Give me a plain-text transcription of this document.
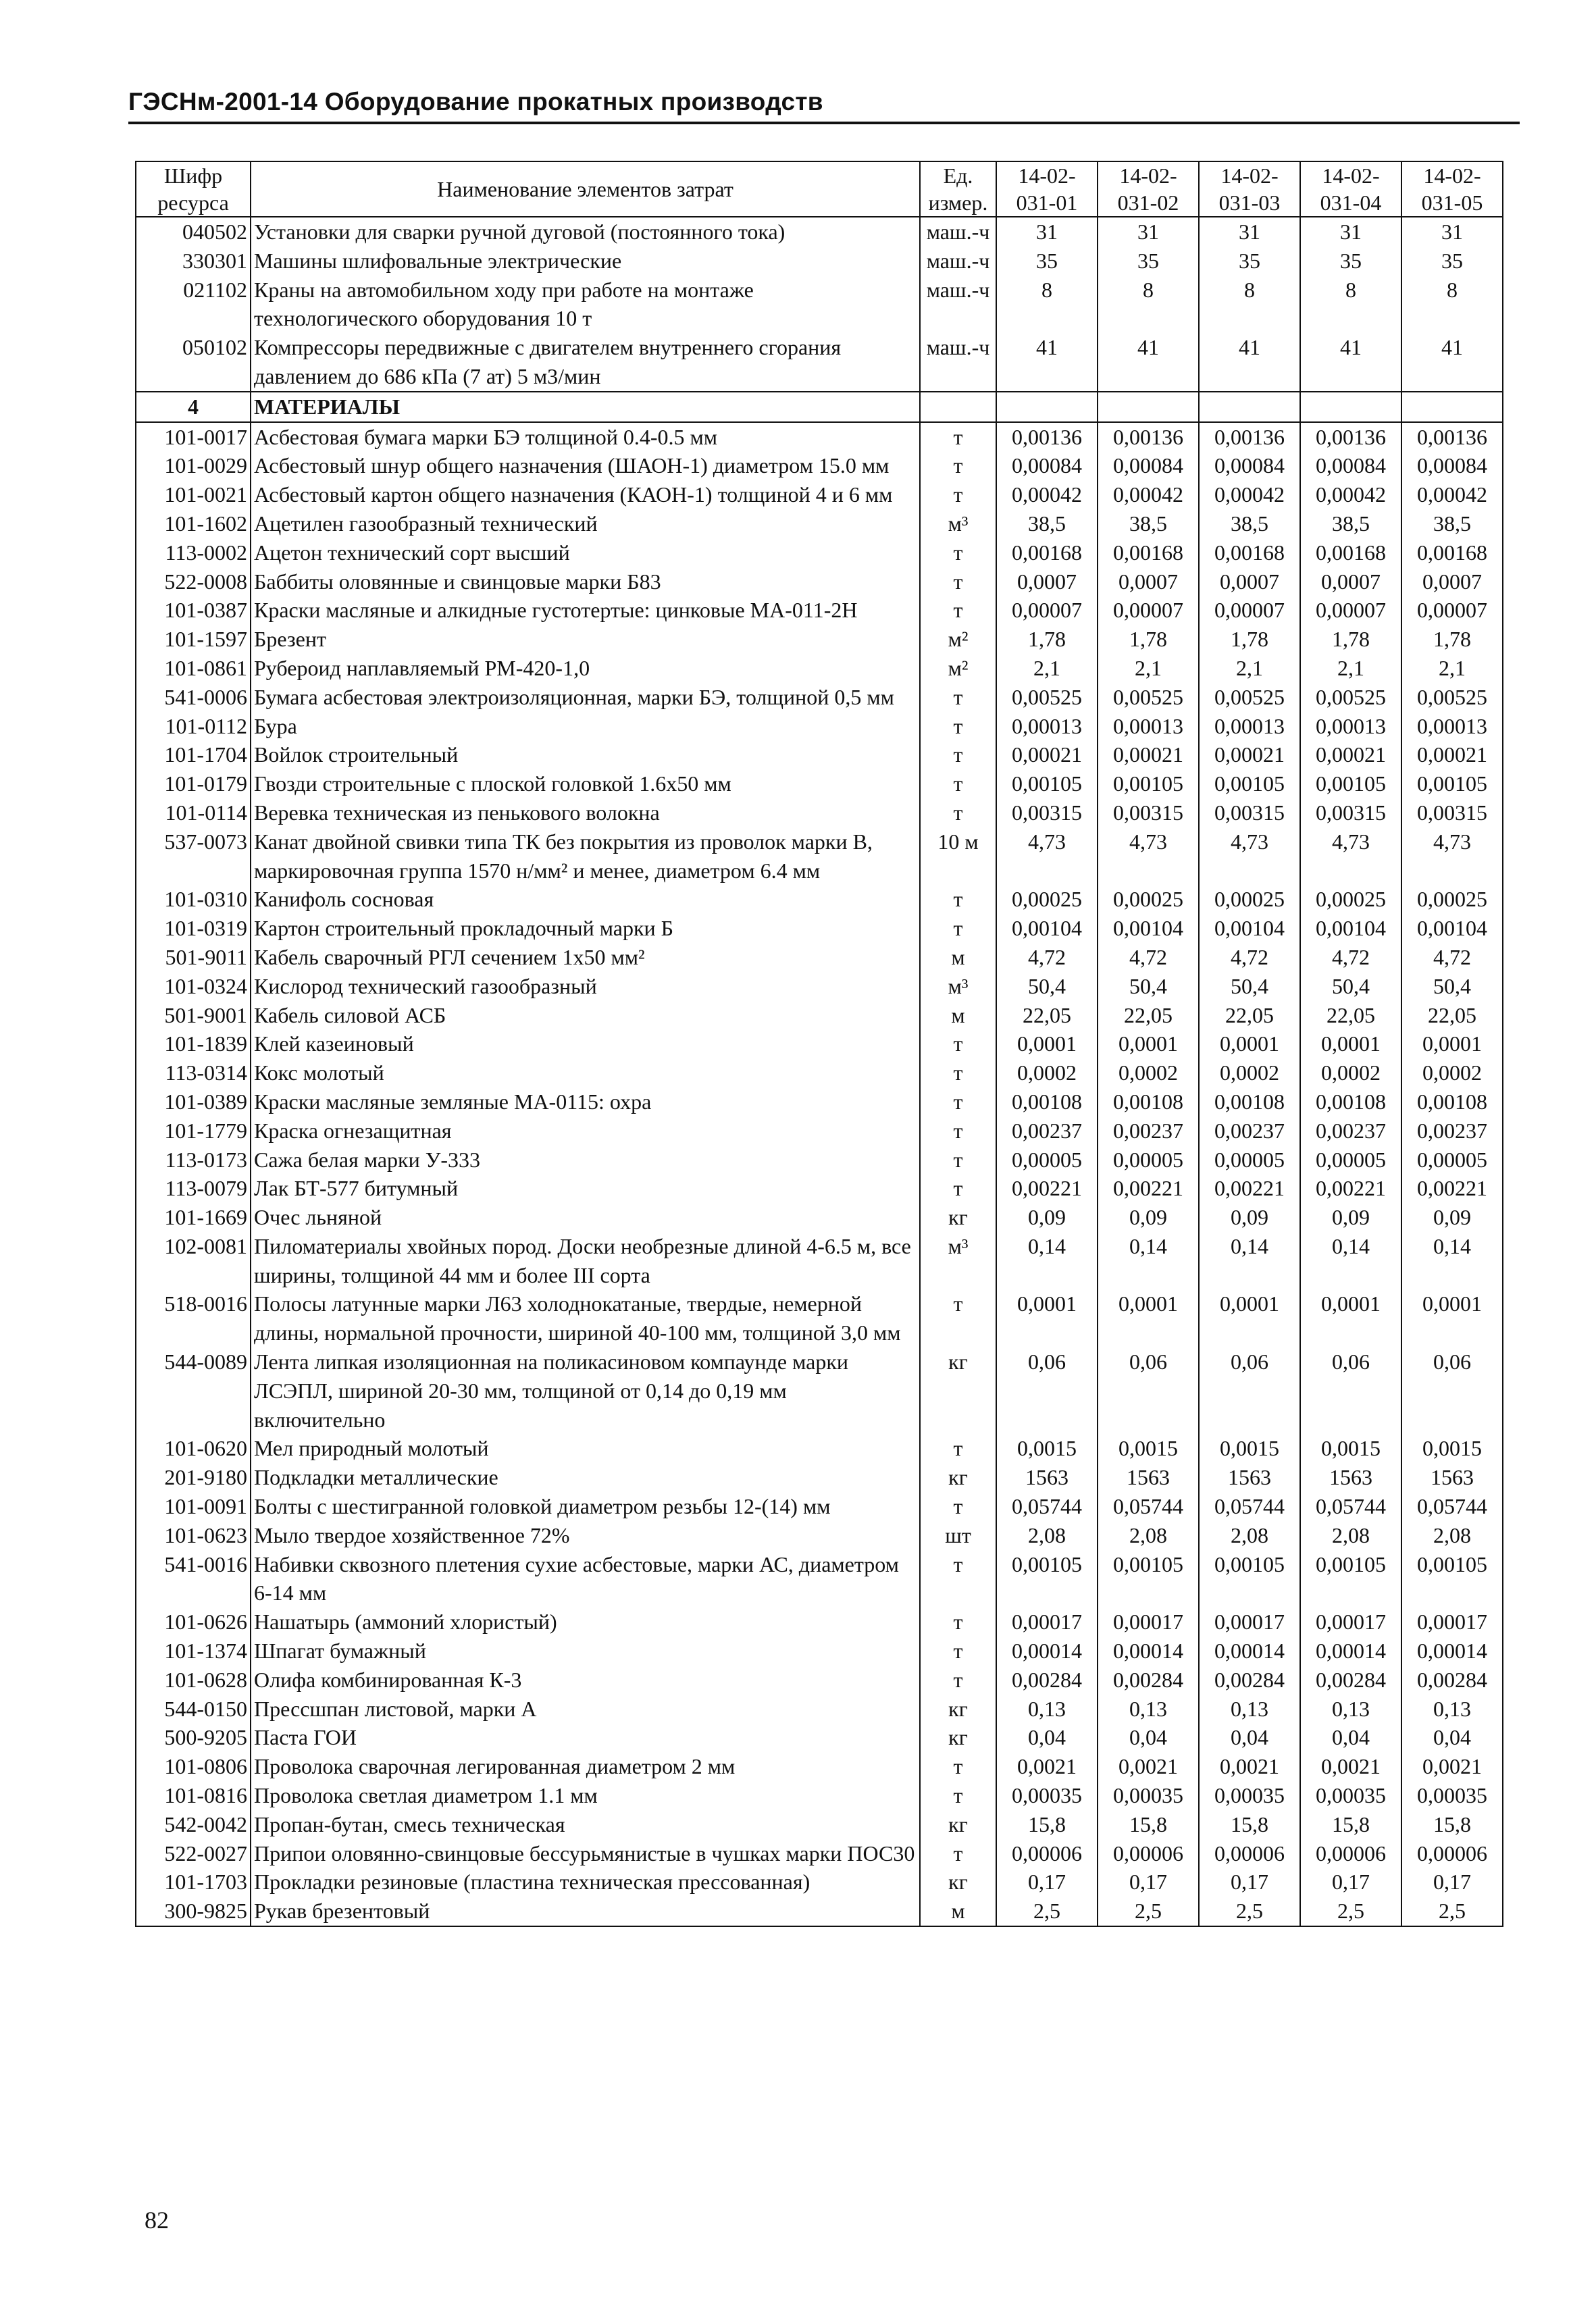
ГЭСНм-2001-14 Оборудование прокатных производств
Шифр ресурса	Наименование элементов затрат	Ед. измер.	14-02- 031-01	14-02- 031-02	14-02- 031-03	14-02- 031-04	14-02- 031-05
040502	Установки для сварки ручной дуговой (постоянного тока)	маш.-ч	31	31	31	31	31
330301	Машины шлифовальные электрические	маш.-ч	35	35	35	35	35
021102	Краны на автомобильном ходу при работе на монтаже технологического оборудования 10 т	маш.-ч	8	8	8	8	8
050102	Компрессоры передвижные с двигателем внутреннего сгорания давлением до 686 кПа (7 ат) 5 м3/мин	маш.-ч	41	41	41	41	41
4	МАТЕРИАЛЫ						
101-0017	Асбестовая бумага марки БЭ толщиной 0.4-0.5 мм	т	0,00136	0,00136	0,00136	0,00136	0,00136
101-0029	Асбестовый шнур общего назначения (ШАОН-1) диаметром 15.0 мм	т	0,00084	0,00084	0,00084	0,00084	0,00084
101-0021	Асбестовый картон общего назначения (КАОН-1) толщиной 4 и 6 мм	т	0,00042	0,00042	0,00042	0,00042	0,00042
101-1602	Ацетилен газообразный технический	м³	38,5	38,5	38,5	38,5	38,5
113-0002	Ацетон технический сорт высший	т	0,00168	0,00168	0,00168	0,00168	0,00168
522-0008	Баббиты оловянные и свинцовые марки Б83	т	0,0007	0,0007	0,0007	0,0007	0,0007
101-0387	Краски масляные и алкидные густотертые: цинковые МА-011-2Н	т	0,00007	0,00007	0,00007	0,00007	0,00007
101-1597	Брезент	м²	1,78	1,78	1,78	1,78	1,78
101-0861	Рубероид наплавляемый РМ-420-1,0	м²	2,1	2,1	2,1	2,1	2,1
541-0006	Бумага асбестовая электроизоляционная, марки БЭ, толщиной 0,5 мм	т	0,00525	0,00525	0,00525	0,00525	0,00525
101-0112	Бура	т	0,00013	0,00013	0,00013	0,00013	0,00013
101-1704	Войлок строительный	т	0,00021	0,00021	0,00021	0,00021	0,00021
101-0179	Гвозди строительные с плоской головкой 1.6х50 мм	т	0,00105	0,00105	0,00105	0,00105	0,00105
101-0114	Веревка техническая из пенькового волокна	т	0,00315	0,00315	0,00315	0,00315	0,00315
537-0073	Канат двойной свивки типа ТК без покрытия из проволок марки В, маркировочная группа 1570 н/мм² и менее, диаметром 6.4 мм	10 м	4,73	4,73	4,73	4,73	4,73
101-0310	Канифоль сосновая	т	0,00025	0,00025	0,00025	0,00025	0,00025
101-0319	Картон строительный прокладочный марки Б	т	0,00104	0,00104	0,00104	0,00104	0,00104
501-9011	Кабель сварочный РГЛ сечением 1х50 мм²	м	4,72	4,72	4,72	4,72	4,72
101-0324	Кислород технический газообразный	м³	50,4	50,4	50,4	50,4	50,4
501-9001	Кабель силовой АСБ	м	22,05	22,05	22,05	22,05	22,05
101-1839	Клей казеиновый	т	0,0001	0,0001	0,0001	0,0001	0,0001
113-0314	Кокс молотый	т	0,0002	0,0002	0,0002	0,0002	0,0002
101-0389	Краски масляные земляные МА-0115: охра	т	0,00108	0,00108	0,00108	0,00108	0,00108
101-1779	Краска огнезащитная	т	0,00237	0,00237	0,00237	0,00237	0,00237
113-0173	Сажа белая марки У-333	т	0,00005	0,00005	0,00005	0,00005	0,00005
113-0079	Лак БТ-577 битумный	т	0,00221	0,00221	0,00221	0,00221	0,00221
101-1669	Очес льняной	кг	0,09	0,09	0,09	0,09	0,09
102-0081	Пиломатериалы хвойных пород. Доски необрезные длиной 4-6.5 м, все ширины, толщиной 44 мм и более III сорта	м³	0,14	0,14	0,14	0,14	0,14
518-0016	Полосы латунные марки Л63 холоднокатаные, твердые, немерной длины, нормальной прочности, шириной 40-100 мм, толщиной 3,0 мм	т	0,0001	0,0001	0,0001	0,0001	0,0001
544-0089	Лента липкая изоляционная на поликасиновом компаунде марки ЛСЭПЛ, шириной 20-30 мм, толщиной от 0,14 до 0,19 мм включительно	кг	0,06	0,06	0,06	0,06	0,06
101-0620	Мел природный молотый	т	0,0015	0,0015	0,0015	0,0015	0,0015
201-9180	Подкладки металлические	кг	1563	1563	1563	1563	1563
101-0091	Болты с шестигранной головкой диаметром резьбы 12-(14) мм	т	0,05744	0,05744	0,05744	0,05744	0,05744
101-0623	Мыло твердое хозяйственное 72%	шт	2,08	2,08	2,08	2,08	2,08
541-0016	Набивки сквозного плетения сухие асбестовые, марки АС, диаметром 6-14 мм	т	0,00105	0,00105	0,00105	0,00105	0,00105
101-0626	Нашатырь (аммоний хлористый)	т	0,00017	0,00017	0,00017	0,00017	0,00017
101-1374	Шпагат бумажный	т	0,00014	0,00014	0,00014	0,00014	0,00014
101-0628	Олифа комбинированная К-3	т	0,00284	0,00284	0,00284	0,00284	0,00284
544-0150	Прессшпан листовой, марки А	кг	0,13	0,13	0,13	0,13	0,13
500-9205	Паста ГОИ	кг	0,04	0,04	0,04	0,04	0,04
101-0806	Проволока сварочная легированная диаметром 2 мм	т	0,0021	0,0021	0,0021	0,0021	0,0021
101-0816	Проволока светлая диаметром 1.1 мм	т	0,00035	0,00035	0,00035	0,00035	0,00035
542-0042	Пропан-бутан, смесь техническая	кг	15,8	15,8	15,8	15,8	15,8
522-0027	Припои оловянно-свинцовые бессурьмянистые в чушках марки ПОС30	т	0,00006	0,00006	0,00006	0,00006	0,00006
101-1703	Прокладки резиновые (пластина техническая прессованная)	кг	0,17	0,17	0,17	0,17	0,17
300-9825	Рукав брезентовый	м	2,5	2,5	2,5	2,5	2,5
82
